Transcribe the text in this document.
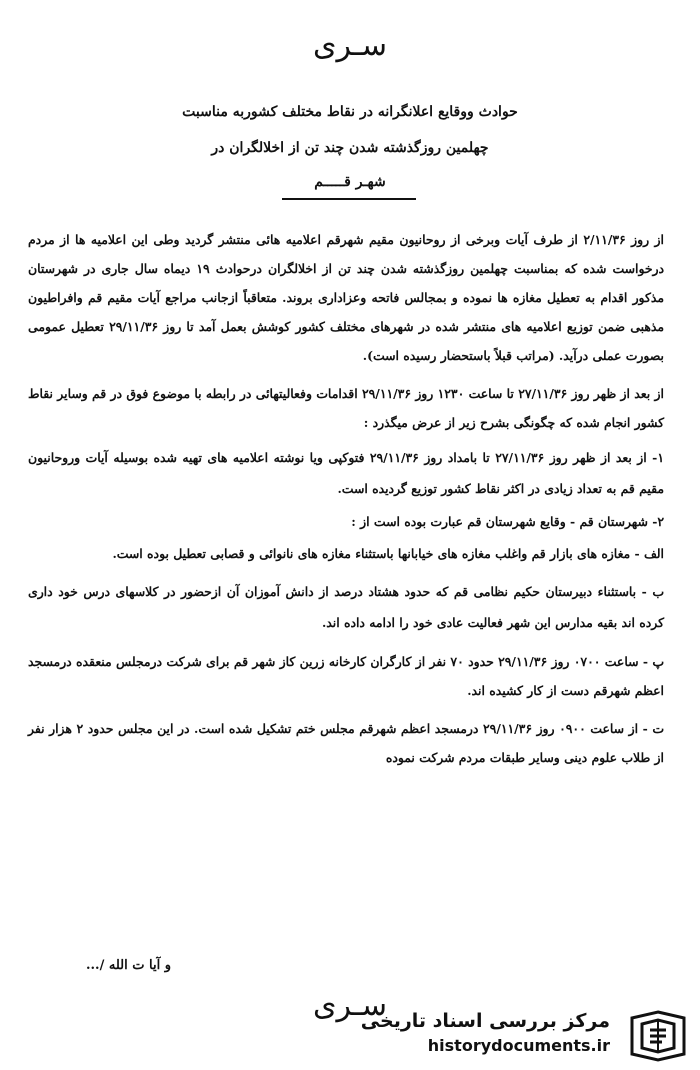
سـری
حوادث ووقایع اعلانگرانه در نقاط مختلف کشوربه مناسبت
چهلمین روزگذشته شدن چند تن از اخلالگران در
شهـر قـــــم
از روز ۲/۱۱/۳۶ از طرف آیات وبرخی از روحانیون مقیم شهرقم اعلامیه هائی منتشر گردید وطی این اعلامیه ها از مردم درخواست شده که بمناسبت چهلمین روزگذشته شدن چند تن از اخلالگران درحوادث ۱۹ دیماه سال جاری در شهرستان مذکور اقدام به تعطیل مغازه ها نموده و بمجالس فاتحه وعزاداری بروند. متعاقباً ازجانب مراجع آیات مقیم قم وافراطیون مذهبی ضمن توزیع اعلامیه های منتشر شده در شهرهای مختلف کشور کوشش بعمل آمد تا روز ۲۹/۱۱/۳۶ تعطیل عمومی بصورت عملی درآید. (مراتب قبلاً باستحضار رسیده است).
از بعد از ظهر روز ۲۷/۱۱/۳۶ تا ساعت ۱۲۳۰ روز ۲۹/۱۱/۳۶ اقدامات وفعالیتهائی در رابطه با موضوع فوق در قم وسایر نقاط کشور انجام شده که چگونگی بشرح زیر از عرض میگذرد :
۱- از بعد از ظهر روز ۲۷/۱۱/۳۶ تا بامداد روز ۲۹/۱۱/۳۶ فتوکپی ویا نوشته اعلامیه های تهیه شده بوسیله آیات وروحانیون مقیم قم به تعداد زیادی در اکثر نقاط کشور توزیع گردیده است.
۲- شهرستان قم - وقایع شهرستان قم عبارت بوده است از :
الف - مغازه های بازار قم واغلب مغازه های خیابانها باستثناء مغازه های نانوائی و قصابی تعطیل بوده است.
ب - باستثناء دبیرستان حکیم نظامی قم که حدود هشتاد درصد از دانش آموزان آن ازحضور در کلاسهای درس خود داری کرده اند بقیه مدارس این شهر فعالیت عادی خود را ادامه داده اند.
پ - ساعت ۰۷۰۰ روز ۲۹/۱۱/۳۶ حدود ۷۰ نفر از کارگران کارخانه زرین کاز شهر قم برای شرکت درمجلس منعقده درمسجد اعظم شهرقم دست از کار کشیده اند.
ت - از ساعت ۰۹۰۰ روز ۲۹/۱۱/۳۶ درمسجد اعظم شهرقم مجلس ختم تشکیل شده است. در این مجلس حدود ۲ هزار نفر از طلاب علوم دینی وسایر طبقات مردم شرکت نموده
و آیا ت الله /...
سـری
مرکز بررسی اسناد تاریخی
historydocuments.ir
